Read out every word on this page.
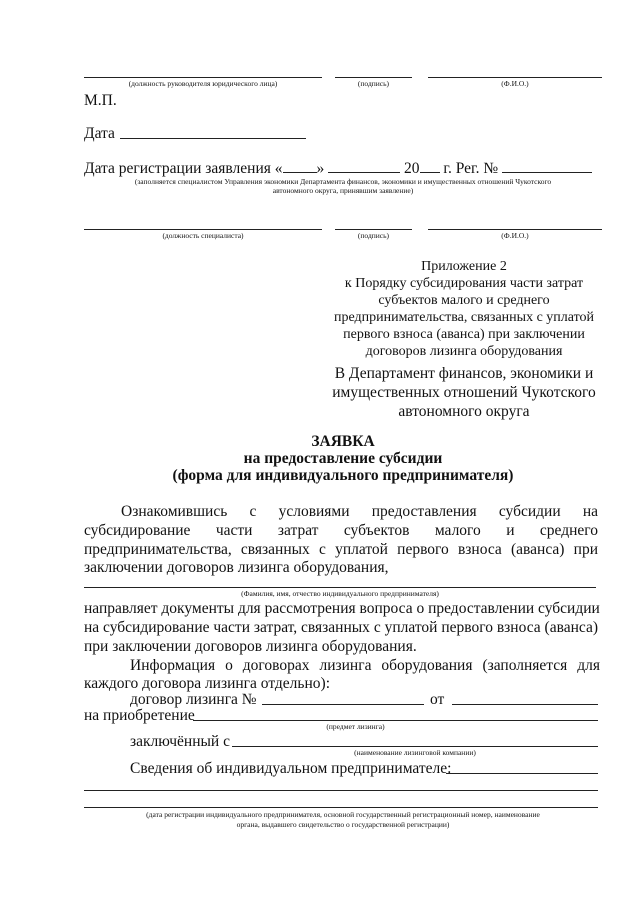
(должность руководителя юридического лица)	(подпись)	(Ф.И.О.)
М.П.
Дата
Дата регистрации заявления « »	20 г. Рег. №
(заполняется специалистом Управления экономики Департамента финансов, экономики и имущественных отношений Чукотского
автономного округа, принявшим заявление)
(должность специалиста)	(подпись)	(Ф.И.О.)
Приложение 2
к Порядку субсидирования части затрат
субъектов малого и среднего
предпринимательства, связанных с уплатой
первого взноса (аванса) при заключении
договоров лизинга оборудования
В Департамент финансов, экономики и
имущественных отношений Чукотского
автономного округа
ЗАЯВКА
на предоставление субсидии
(форма для индивидуального предпринимателя)
Ознакомившись с условиями предоставления субсидии на
субсидирование части затрат субъектов малого и среднего
предпринимательства, связанных с уплатой первого взноса (аванса) при
заключении договоров лизинга оборудования,
(Фамилия, имя, отчество индивидуального предпринимателя)
направляет документы для рассмотрения вопроса о предоставлении субсидии
на субсидирование части затрат, связанных с уплатой первого взноса (аванса)
при заключении договоров лизинга оборудования.
Информация о договорах лизинга оборудования (заполняется для
каждого договора лизинга отдельно):
договор лизинга №	от
на приобретение
(предмет лизинга)
заключённый с
(наименование лизинговой компании)
Сведения об индивидуальном предпринимателе:
(дата регистрации индивидуального предпринимателя, основной государственный регистрационный номер, наименование
органа, выдавшего свидетельство о государственной регистрации)
